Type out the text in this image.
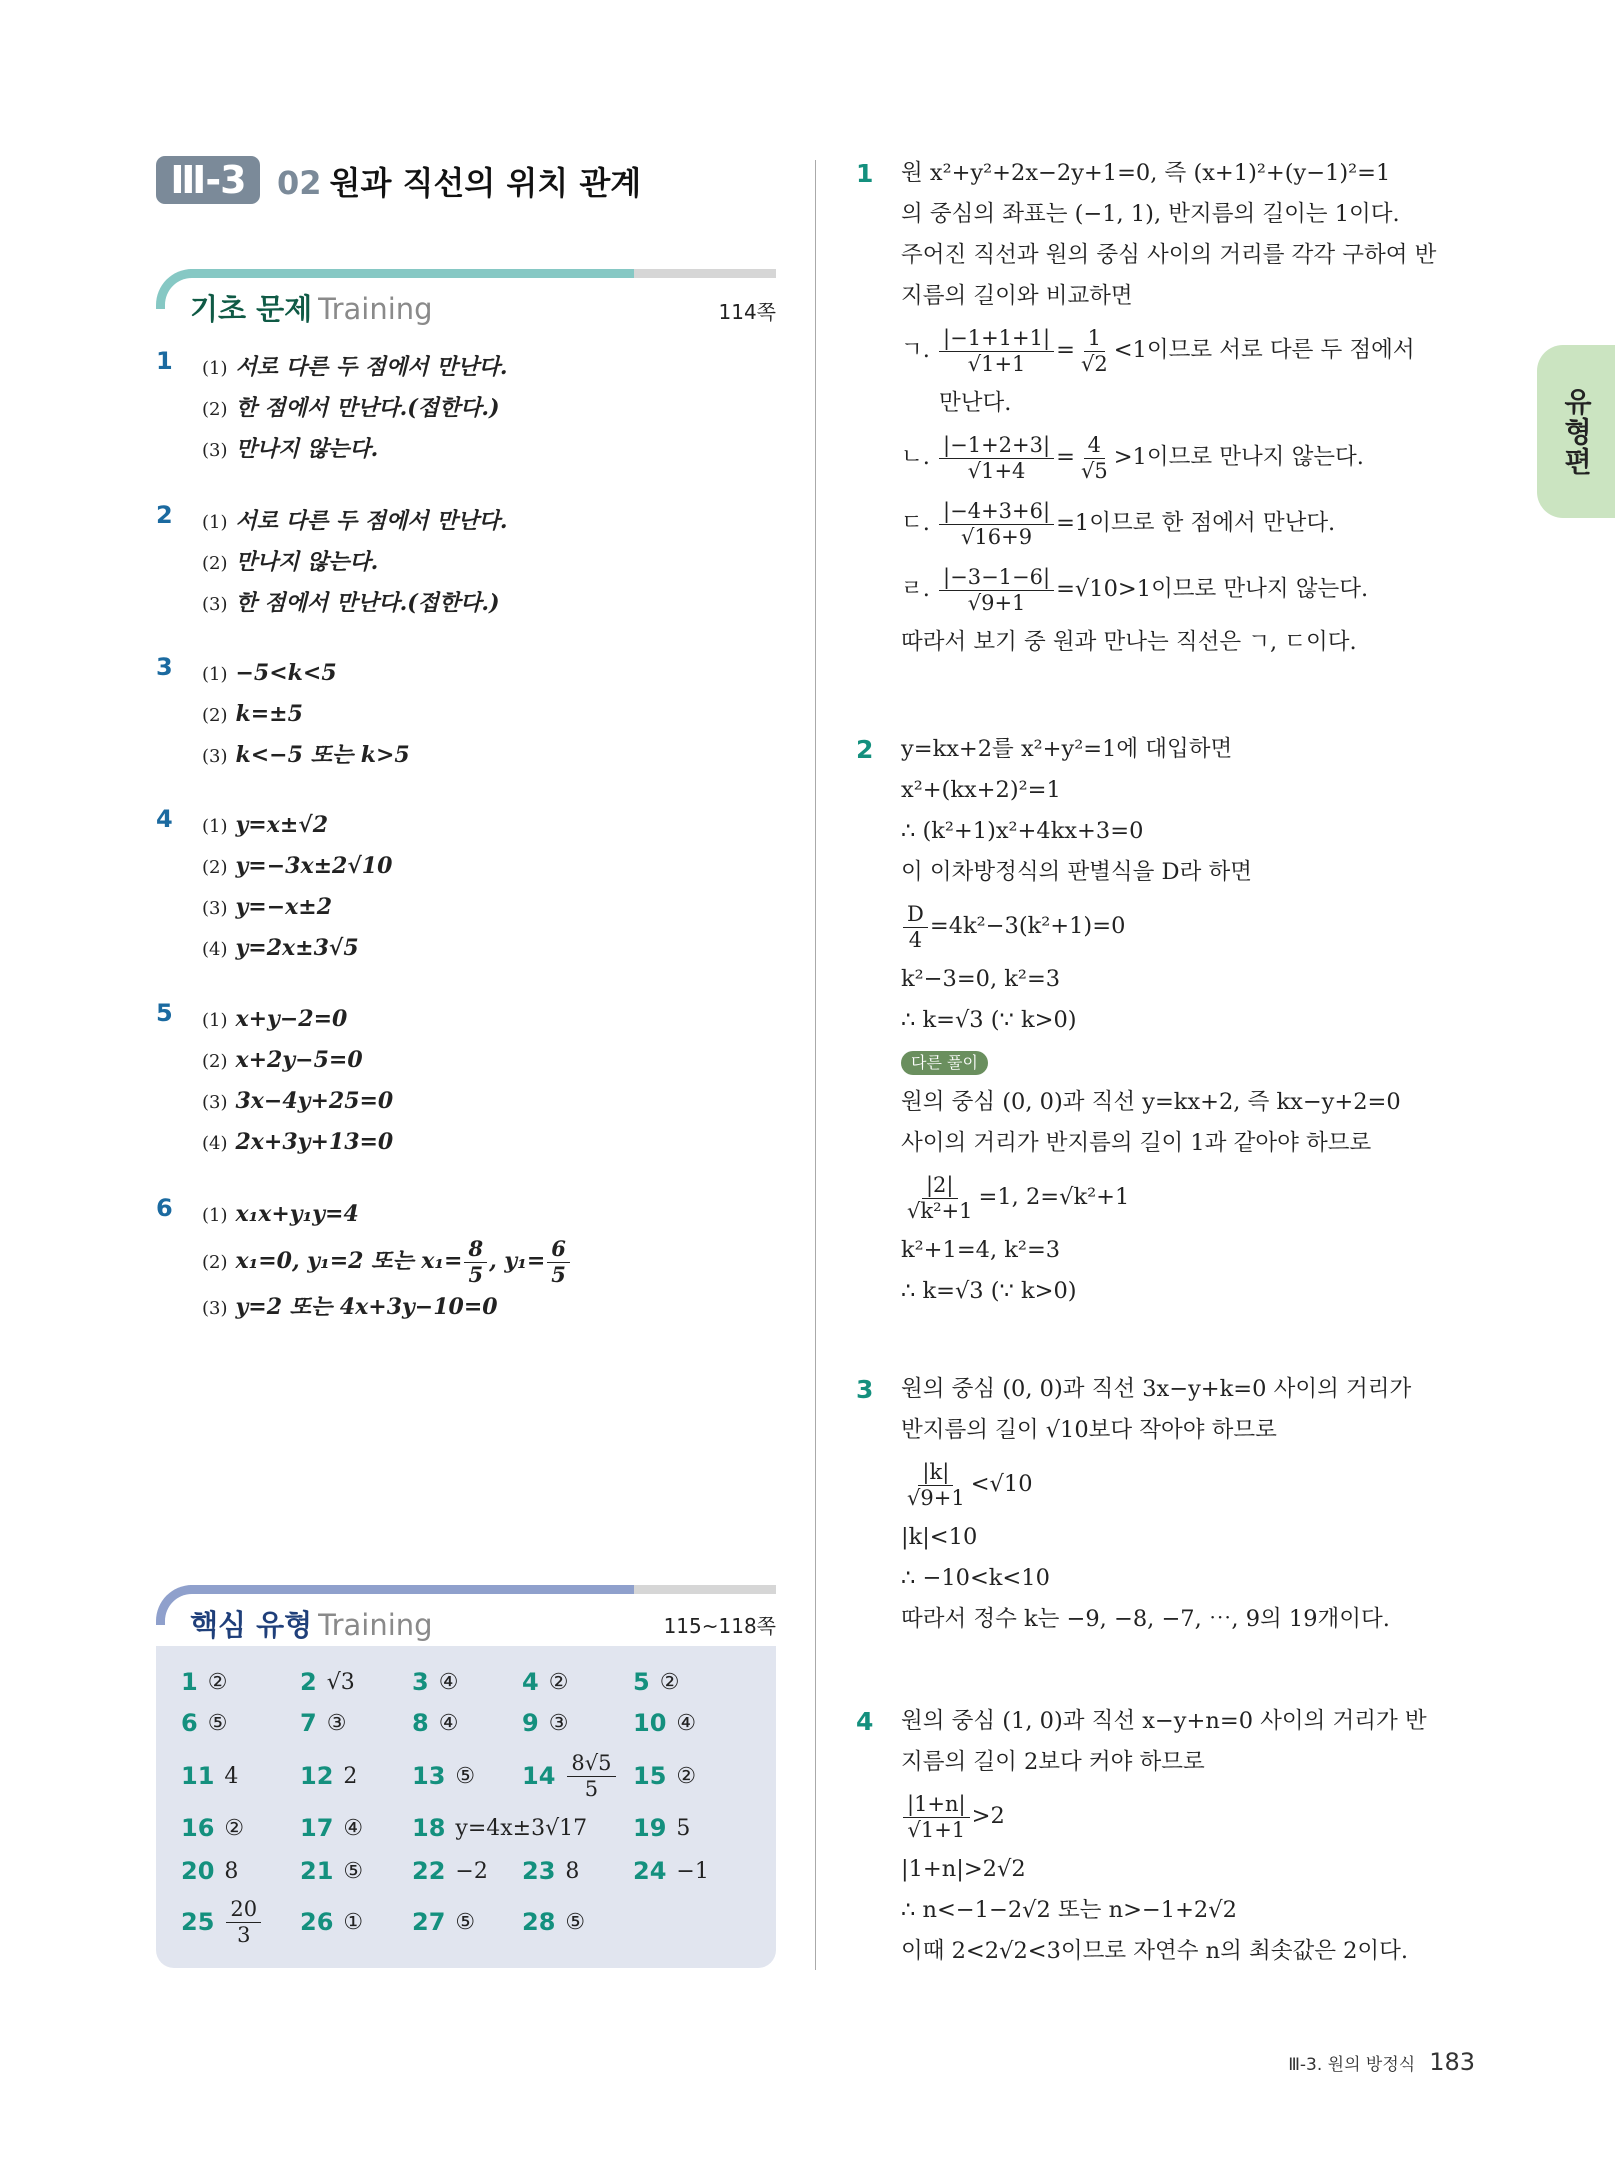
Ⅲ-3 02 원과 직선의 위치 관계
유형편
기초 문제 Training	114쪽
1 (1) 서로 다른 두 점에서 만난다.
(2) 한 점에서 만난다.(접한다.)
(3) 만나지 않는다.
2 (1) 서로 다른 두 점에서 만난다.
(2) 만나지 않는다.
(3) 한 점에서 만난다.(접한다.)
3 (1) −5<k<5
(2) k=±5
(3) k<−5 또는 k>5
4 (1) y=x±√2
(2) y=−3x±2√10
(3) y=−x±2
(4) y=2x±3√5
5 (1) x+y−2=0
(2) x+2y−5=0
(3) 3x−4y+25=0
(4) 2x+3y+13=0
6 (1) x₁x+y₁y=4
(2) x₁=0, y₁=2 또는 $x_1= \frac{8}{5}$ , $y_1= \frac{6}{5}$
(3) y=2 또는 4x+3y−10=0
핵심 유형 Training	115~118쪽
1 ②	2 √3 3 ④	4 ②	5 ②
6 ⑤	7 ③	8 ④	9 ③	10 ④
11 4	12 2 13 ⑤ $14 \frac{8√5}{5} 15$ ②
16 ② 17 ④ 18 y=4x±3√17 19 5
20 8	21 ⑤ 22 −2 23 8 24 −1
$25 \frac{20}{3} 26$ ① 27 ⑤ 28 ⑤
1 원 x²+y²+2x−2y+1=0, 즉 (x+1)²+(y−1)²=1
의 중심의 좌표는 (−1, 1), 반지름의 길이는 1이다.
주어진 직선과 원의 중심 사이의 거리를 각각 구하여 반
지름의 길이와 비교하면
ㄱ. $\frac{|-1+1+1|}{√1+1} = \frac{1}{√2} <1$이므로 서로 다른 두 점에서
만난다.
ㄴ. $\frac{|-1+2+3|}{√1+4} = \frac{4}{√5} >1$이므로 만나지 않는다.
ㄷ. $\frac{|-4+3+6|}{√16+9} =1$이므로 한 점에서 만난다.
ㄹ. $\frac{|-3-1-6|}{√9+1} =√10>1$이므로 만나지 않는다.
따라서 보기 중 원과 만나는 직선은 ㄱ, ㄷ이다.
2 y=kx+2를 x²+y²=1에 대입하면
x²+(kx+2)²=1
∴ (k²+1)x²+4kx+3=0
이 이차방정식의 판별식을 D라 하면
$\frac{D}{4} =4k^2-3(k^2+1)=0$
k²−3=0, k²=3
∴ k=√3 (∵ k>0)
다른 풀이
원의 중심 (0, 0)과 직선 y=kx+2, 즉 kx−y+2=0
사이의 거리가 반지름의 길이 1과 같아야 하므로
$\frac{|2|}{\text{√k²+1}} =1$, 2=√k²+1
k²+1=4, k²=3
∴ k=√3 (∵ k>0)
3 원의 중심 (0, 0)과 직선 3x−y+k=0 사이의 거리가
반지름의 길이 √10보다 작아야 하므로
$\frac{|k|}{√9+1} <√10$
|k|<10
∴ −10<k<10
따라서 정수 k는 −9, −8, −7, ⋯, 9의 19개이다.
4 원의 중심 (1, 0)과 직선 x−y+n=0 사이의 거리가 반
지름의 길이 2보다 커야 하므로
$\frac{|1+n|}{√1+1} >2$
|1+n|>2√2
∴ n<−1−2√2 또는 n>−1+2√2
이때 2<2√2<3이므로 자연수 n의 최솟값은 2이다.
Ⅲ-3. 원의 방정식 183
